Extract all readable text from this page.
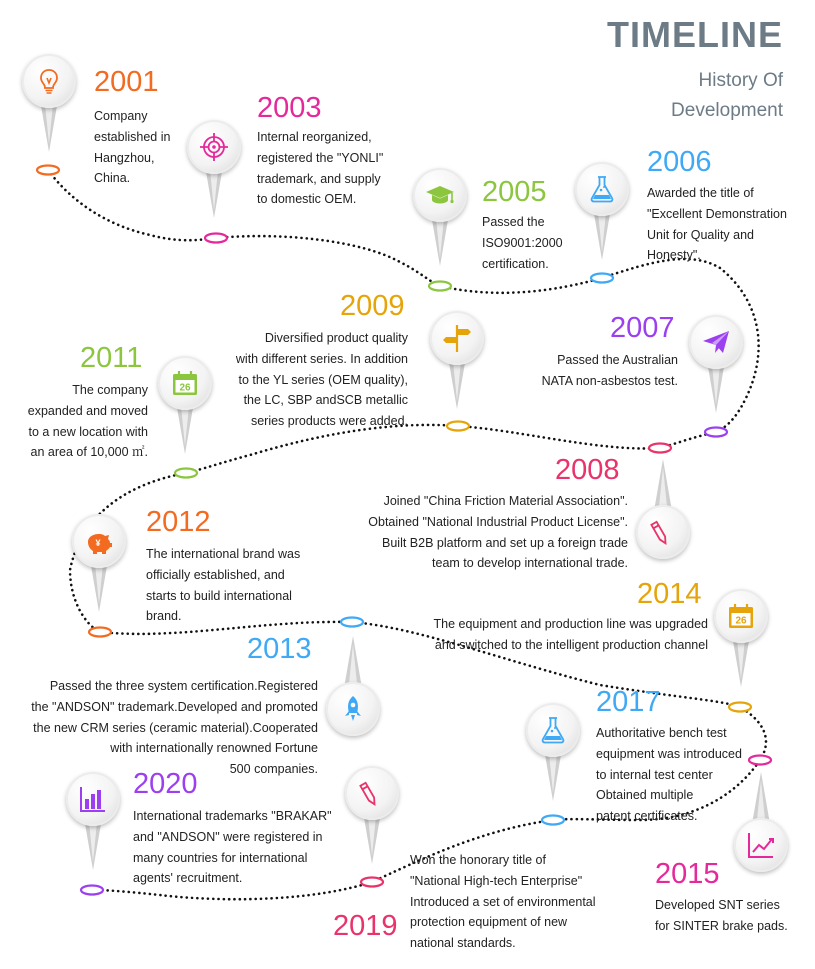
TIMELINE
History Of
Development
2001
Company
established in
Hangzhou,
China.
2003
Internal reorganized,
registered the "YONLI"
trademark, and supply
to domestic OEM.	2005
Passed the
ISO9001:2000
certification.
2006
Awarded the title of
"Excellent Demonstration
Unit for Quality and
Honesty".
2007
Passed the Australian
NATA non-asbestos test.
2009
Diversified product quality
with different series. In addition
to the YL series (OEM quality),
the LC, SBP andSCB metallic
series products were added.
26
2011
The company
expanded and moved
to a new location with
an area of 10,000 ㎡.
2008
Joined "China Friction Material Association".
Obtained "National Industrial Product License".
Built B2B platform and set up a foreign trade
team to develop international trade.
¥
2012
The international brand was
officially established, and
starts to build international
brand.	26
2014
The equipment and production line was upgraded
and switched to the intelligent production channel
2013
Passed the three system certification.Registered
the "ANDSON" trademark.Developed and promoted
the new CRM series (ceramic material).Cooperated
with internationally renowned Fortune
500 companies.
2017
Authoritative bench test
equipment was introduced
to internal test center
Obtained multiple
patent certificates.
2020
International trademarks "BRAKAR"
and "ANDSON" were registered in
many countries for international
agents' recruitment.
2019
Won the honorary title of
"National High-tech Enterprise"
Introduced a set of environmental
protection equipment of new
national standards.
2015
Developed SNT series
for SINTER brake pads.
